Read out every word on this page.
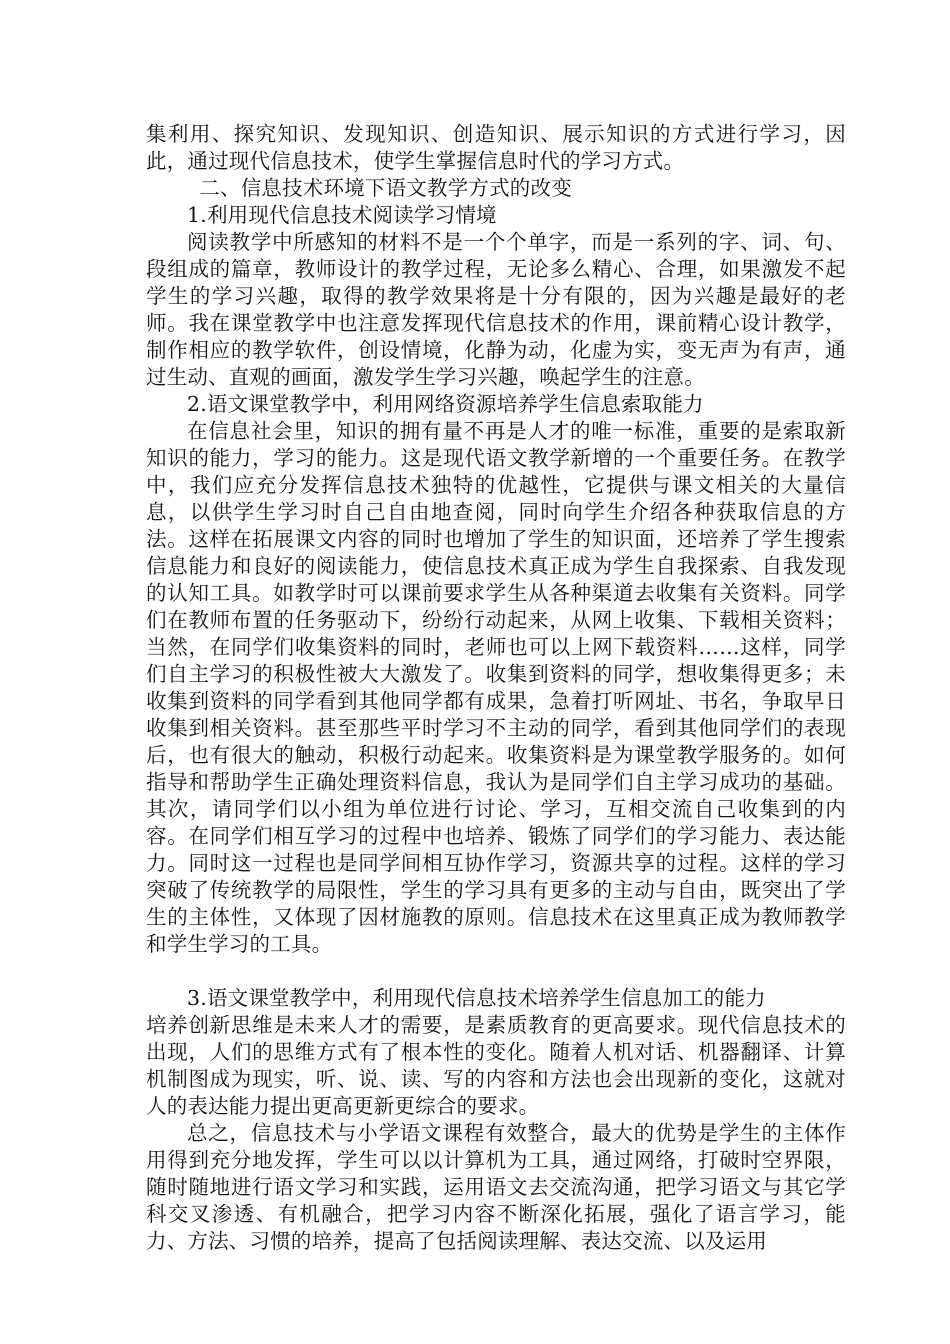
集利用、探究知识、发现知识、创造知识、展示知识的方式进行学习，因此，通过现代信息技术，使学生掌握信息时代的学习方式。

二、信息技术环境下语文教学方式的改变

1.利用现代信息技术阅读学习情境

阅读教学中所感知的材料不是一个个单字，而是一系列的字、词、句、段组成的篇章，教师设计的教学过程，无论多么精心、合理，如果激发不起学生的学习兴趣，取得的教学效果将是十分有限的，因为兴趣是最好的老师。我在课堂教学中也注意发挥现代信息技术的作用，课前精心设计教学，制作相应的教学软件，创设情境，化静为动，化虚为实，变无声为有声，通过生动、直观的画面，激发学生学习兴趣，唤起学生的注意。

2.语文课堂教学中，利用网络资源培养学生信息索取能力

在信息社会里，知识的拥有量不再是人才的唯一标准，重要的是索取新知识的能力，学习的能力。这是现代语文教学新增的一个重要任务。在教学中，我们应充分发挥信息技术独特的优越性，它提供与课文相关的大量信息，以供学生学习时自己自由地查阅，同时向学生介绍各种获取信息的方法。这样在拓展课文内容的同时也增加了学生的知识面，还培养了学生搜索信息能力和良好的阅读能力，使信息技术真正成为学生自我探索、自我发现的认知工具。如教学时可以课前要求学生从各种渠道去收集有关资料。同学们在教师布置的任务驱动下，纷纷行动起来，从网上收集、下载相关资料；当然，在同学们收集资料的同时，老师也可以上网下载资料……这样，同学们自主学习的积极性被大大激发了。收集到资料的同学，想收集得更多；未收集到资料的同学看到其他同学都有成果，急着打听网址、书名，争取早日收集到相关资料。甚至那些平时学习不主动的同学，看到其他同学们的表现后，也有很大的触动，积极行动起来。收集资料是为课堂教学服务的。如何指导和帮助学生正确处理资料信息，我认为是同学们自主学习成功的基础。其次，请同学们以小组为单位进行讨论、学习，互相交流自己收集到的内容。在同学们相互学习的过程中也培养、锻炼了同学们的学习能力、表达能力。同时这一过程也是同学间相互协作学习，资源共享的过程。这样的学习突破了传统教学的局限性，学生的学习具有更多的主动与自由，既突出了学生的主体性，又体现了因材施教的原则。信息技术在这里真正成为教师教学和学生学习的工具。

3.语文课堂教学中，利用现代信息技术培养学生信息加工的能力

培养创新思维是未来人才的需要，是素质教育的更高要求。现代信息技术的出现，人们的思维方式有了根本性的变化。随着人机对话、机器翻译、计算机制图成为现实，听、说、读、写的内容和方法也会出现新的变化，这就对人的表达能力提出更高更新更综合的要求。

总之，信息技术与小学语文课程有效整合，最大的优势是学生的主体作用得到充分地发挥，学生可以以计算机为工具，通过网络，打破时空界限，随时随地进行语文学习和实践，运用语文去交流沟通，把学习语文与其它学科交叉渗透、有机融合，把学习内容不断深化拓展，强化了语言学习，能力、方法、习惯的培养，提高了包括阅读理解、表达交流、以及运用
